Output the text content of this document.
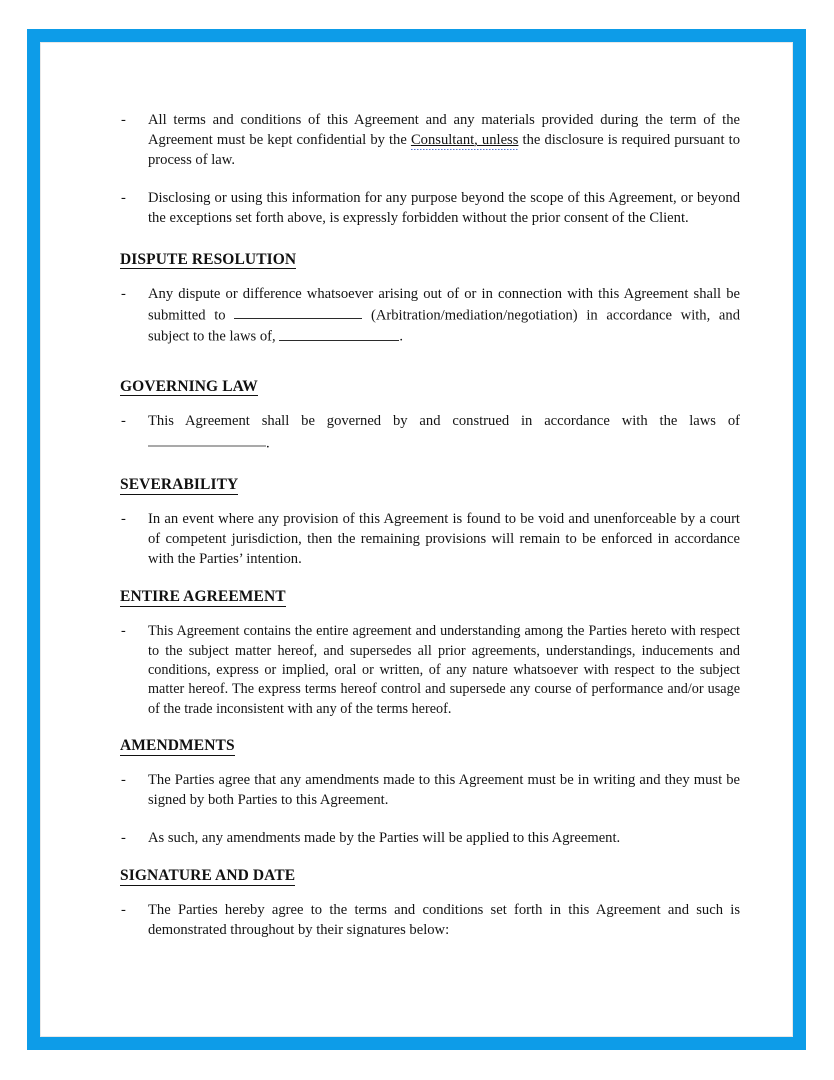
- All terms and conditions of this Agreement and any materials provided during the term of the Agreement must be kept confidential by the Consultant, unless the disclosure is required pursuant to process of law.
- Disclosing or using this information for any purpose beyond the scope of this Agreement, or beyond the exceptions set forth above, is expressly forbidden without the prior consent of the Client.
DISPUTE RESOLUTION
- Any dispute or difference whatsoever arising out of or in connection with this Agreement shall be submitted to	(Arbitration/mediation/negotiation) in accordance with, and subject to the laws of,	.
GOVERNING LAW
- This Agreement shall be governed by and construed in accordance with the laws of .
SEVERABILITY
- In an event where any provision of this Agreement is found to be void and unenforceable by a court of competent jurisdiction, then the remaining provisions will remain to be enforced in accordance with the Parties’ intention.
ENTIRE AGREEMENT
- This Agreement contains the entire agreement and understanding among the Parties hereto with respect to the subject matter hereof, and supersedes all prior agreements, understandings, inducements and conditions, express or implied, oral or written, of any nature whatsoever with respect to the subject matter hereof. The express terms hereof control and supersede any course of performance and/or usage of the trade inconsistent with any of the terms hereof.
AMENDMENTS
- The Parties agree that any amendments made to this Agreement must be in writing and they must be signed by both Parties to this Agreement.
- As such, any amendments made by the Parties will be applied to this Agreement.
SIGNATURE AND DATE
- The Parties hereby agree to the terms and conditions set forth in this Agreement and such is demonstrated throughout by their signatures below:
